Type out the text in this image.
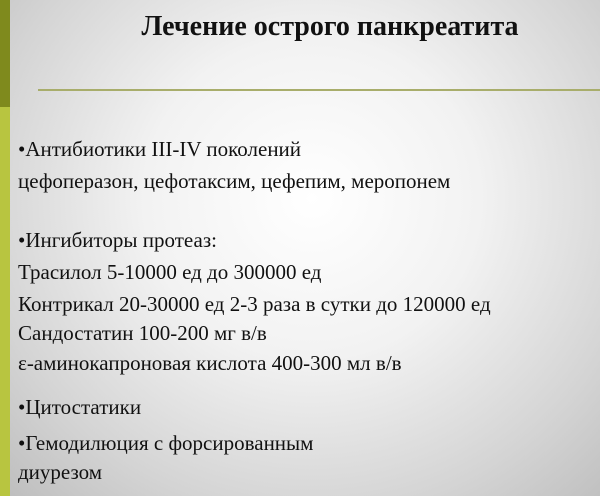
Лечение острого панкреатита
•Антибиотики III-IV поколений
цефоперазон, цефотаксим, цефепим, меропонем
•Ингибиторы протеаз:
Трасилол 5-10000 ед до 300000 ед
Контрикал 20-30000 ед 2-3 раза в сутки до 120000 ед
Сандостатин 100-200 мг в/в
ε-аминокапроновая кислота 400-300 мл в/в
•Цитостатики
•Гемодилюция с форсированным
диурезом
